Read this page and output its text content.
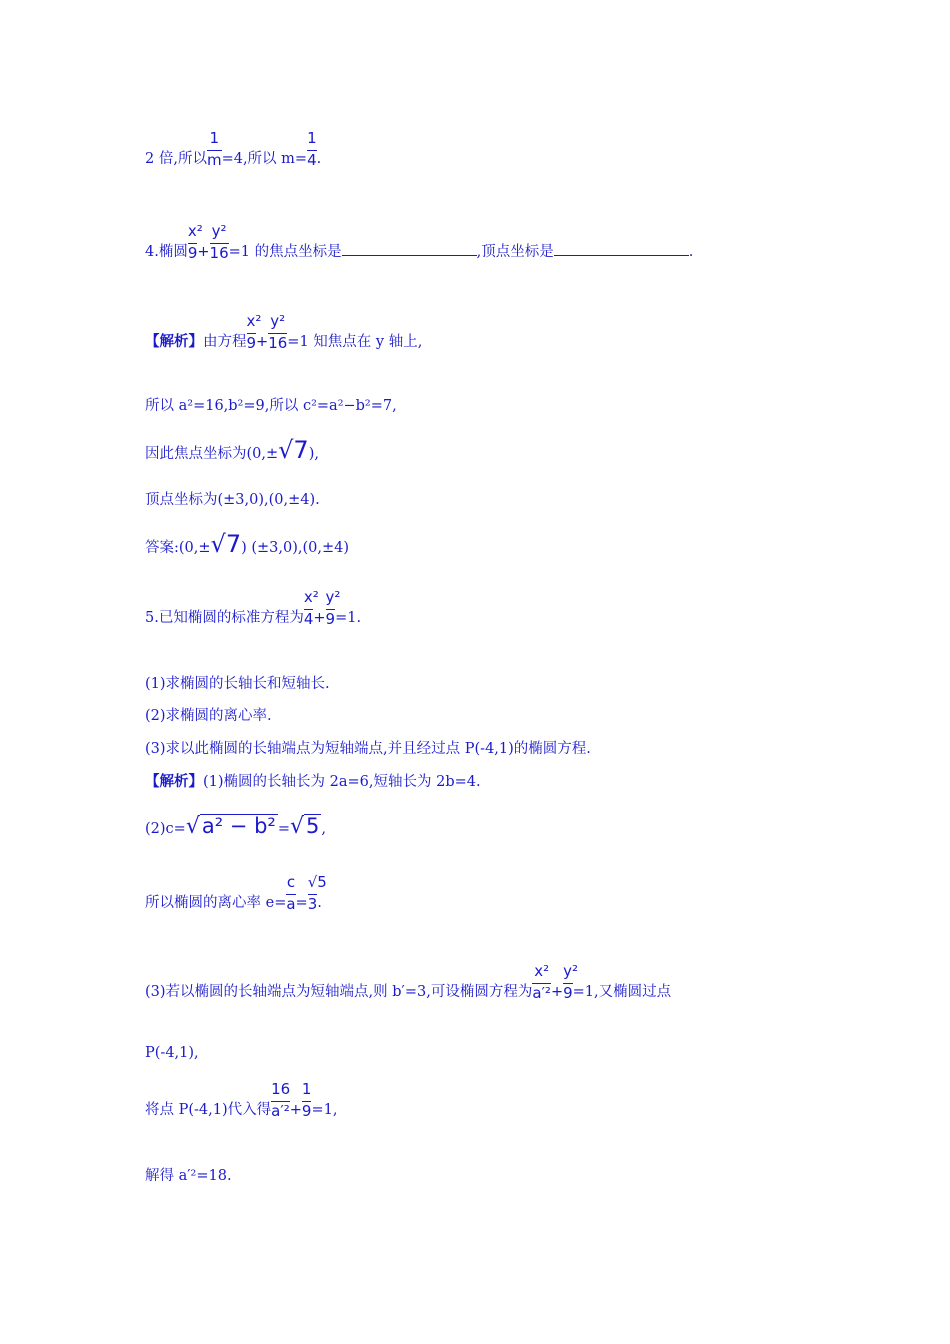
2 倍,所以 $\frac{1}{m} =4$,所以 $m= \frac{1}{4}$ .
4.椭圆 $\frac{\text{x²}}{9} + \frac{\text{y²}}{16} =1$ 的焦点坐标是	,顶点坐标是	.
【解析】由方程 $\frac{\text{x²}}{9} + \frac{\text{y²}}{16} =1$ 知焦点在 y 轴上,
所以 a²=16,b²=9,所以 c²=a²−b²=7,
因此焦点坐标为(0,±√7),
顶点坐标为(±3,0),(0,±4).
答案:(0,±√7) (±3,0),(0,±4)
5.已知椭圆的标准方程为 $\frac{\text{x²}}{4} + \frac{\text{y²}}{9} =1$.
(1)求椭圆的长轴长和短轴长.
(2)求椭圆的离心率.
(3)求以此椭圆的长轴端点为短轴端点,并且经过点 P(-4,1)的椭圆方程.
【解析】(1)椭圆的长轴长为 2a=6,短轴长为 2b=4.
(2)c=√a² − b² =√5 ,
所以椭圆的离心率 $e= \frac{c}{a} = \frac{√5}{3}$ .
(3)若以椭圆的长轴端点为短轴端点,则 b′=3,可设椭圆方程为 $\frac{\text{x²}}{\text{a′²}} + \frac{\text{y²}}{9} =1$,又椭圆过点
P(-4,1),
将点 P(-4,1)代入得 $\frac{16}{\text{a′²}} + \frac{1}{9} =1$,
解得 a′²=18.
